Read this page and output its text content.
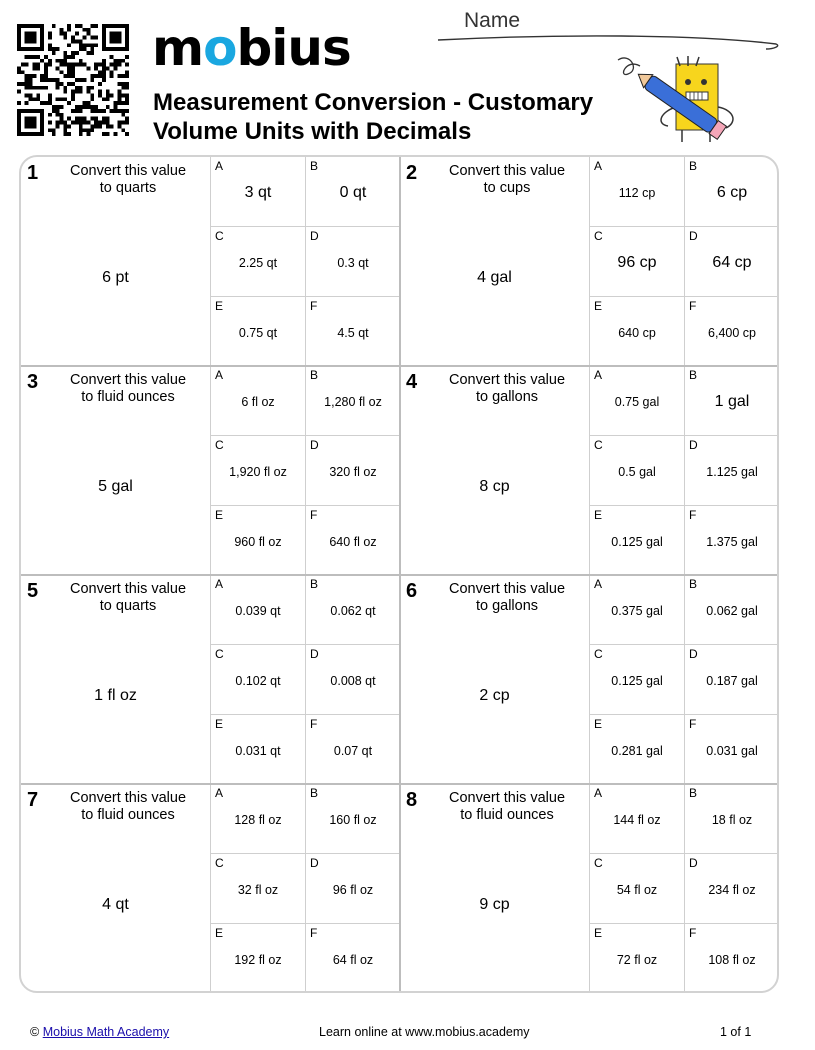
mobius
Measurement Conversion - Customary
Volume Units with Decimals
Name
1	Convert this value
to quarts
6 pt
A
3 qt
B
0 qt
C
2.25 qt
D
0.3 qt
E
0.75 qt
F
4.5 qt
2	Convert this value
to cups
4 gal
A
112 cp
B
6 cp
C
96 cp
D
64 cp
E
640 cp
F
6,400 cp
3	Convert this value
to fluid ounces
5 gal
A
6 fl oz
B
1,280 fl oz
C
1,920 fl oz
D
320 fl oz
E
960 fl oz
F
640 fl oz
4	Convert this value
to gallons
8 cp
A
0.75 gal
B
1 gal
C
0.5 gal
D
1.125 gal
E
0.125 gal
F
1.375 gal
5	Convert this value
to quarts
1 fl oz
A
0.039 qt
B
0.062 qt
C
0.102 qt
D
0.008 qt
E
0.031 qt
F
0.07 qt
6	Convert this value
to gallons
2 cp
A
0.375 gal
B
0.062 gal
C
0.125 gal
D
0.187 gal
E
0.281 gal
F
0.031 gal
7	Convert this value
to fluid ounces
4 qt
A
128 fl oz
B
160 fl oz
C
32 fl oz
D
96 fl oz
E
192 fl oz
F
64 fl oz
8	Convert this value
to fluid ounces
9 cp
A
144 fl oz
B
18 fl oz
C
54 fl oz
D
234 fl oz
E
72 fl oz
F
108 fl oz
© Mobius Math Academy	Learn online at www.mobius.academy	1 of 1
